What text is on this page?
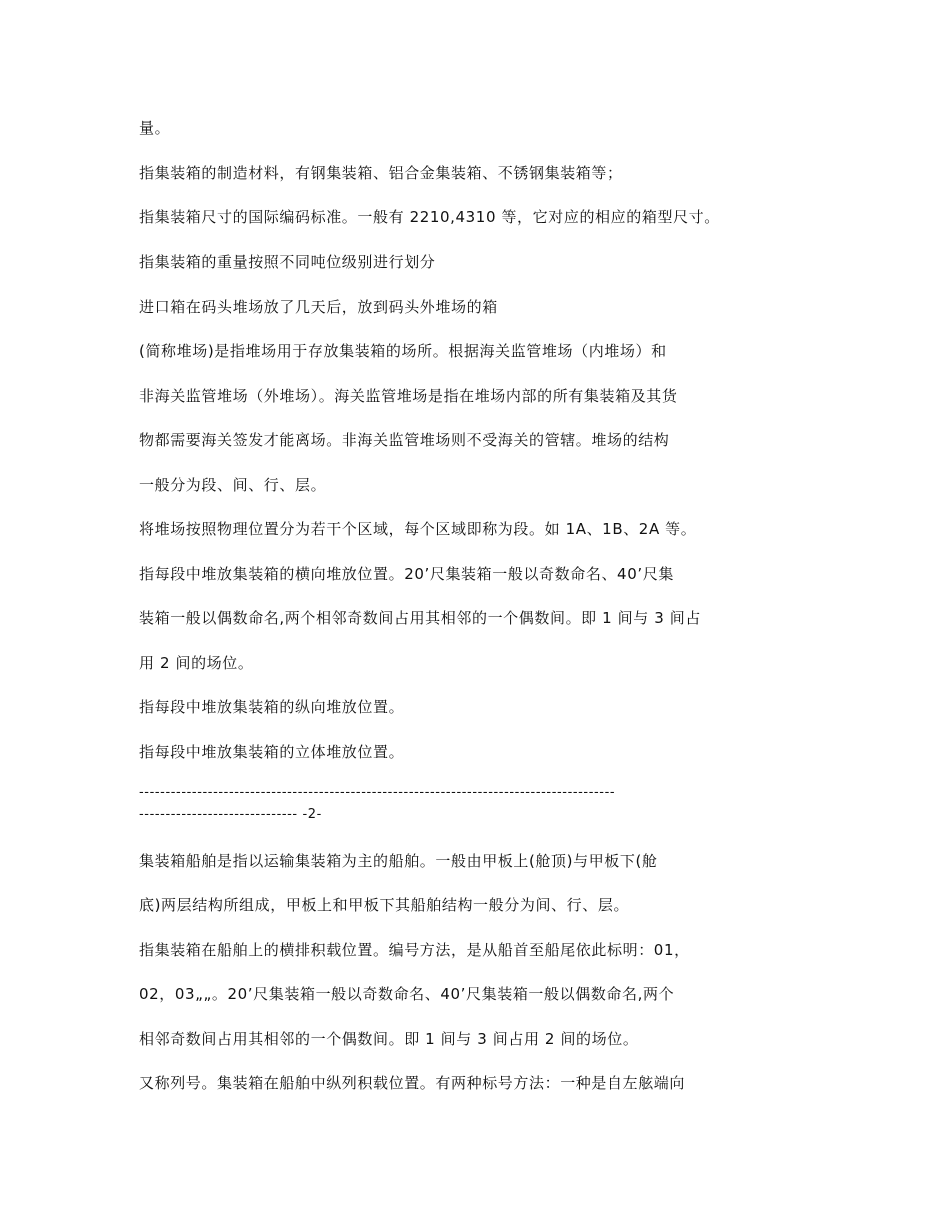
量。
指集装箱的制造材料，有钢集装箱、铝合金集装箱、不锈钢集装箱等；
指集装箱尺寸的国际编码标准。一般有 2210,4310 等，它对应的相应的箱型尺寸。
指集装箱的重量按照不同吨位级别进行划分
进口箱在码头堆场放了几天后，放到码头外堆场的箱
(简称堆场)是指堆场用于存放集装箱的场所。根据海关监管堆场（内堆场）和
非海关监管堆场（外堆场）。海关监管堆场是指在堆场内部的所有集装箱及其货
物都需要海关签发才能离场。非海关监管堆场则不受海关的管辖。堆场的结构
一般分为段、间、行、层。
将堆场按照物理位置分为若干个区域，每个区域即称为段。如 1A、1B、2A 等。
指每段中堆放集装箱的横向堆放位置。20’尺集装箱一般以奇数命名、40’尺集
装箱一般以偶数命名,两个相邻奇数间占用其相邻的一个偶数间。即 1 间与 3 间占
用 2 间的场位。
指每段中堆放集装箱的纵向堆放位置。
指每段中堆放集装箱的立体堆放位置。
------------------------------------------------------------------------------------------
------------------------------ -2-
集装箱船舶是指以运输集装箱为主的船舶。一般由甲板上(舱顶)与甲板下(舱
底)两层结构所组成，甲板上和甲板下其船舶结构一般分为间、行、层。
指集装箱在船舶上的横排积载位置。编号方法，是从船首至船尾依此标明：01，
02，03„„。20’尺集装箱一般以奇数命名、40’尺集装箱一般以偶数命名,两个
相邻奇数间占用其相邻的一个偶数间。即 1 间与 3 间占用 2 间的场位。
又称列号。集装箱在船舶中纵列积载位置。有两种标号方法：一种是自左舷端向
